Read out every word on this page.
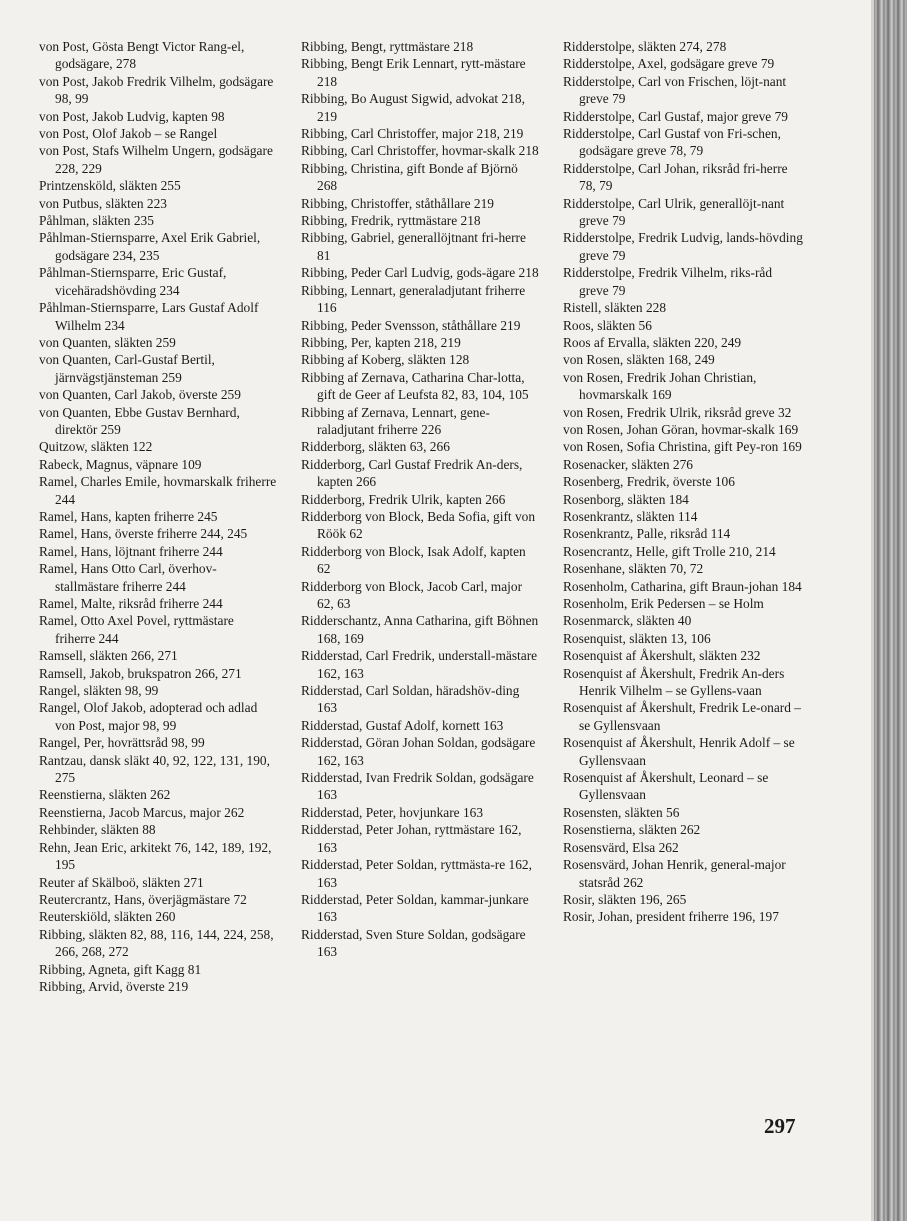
von Post, Gösta Bengt Victor Rang-el, godsägare, 278

von Post, Jakob Fredrik Vilhelm, godsägare 98, 99

von Post, Jakob Ludvig, kapten 98

von Post, Olof Jakob – se Rangel

von Post, Stafs Wilhelm Ungern, godsägare 228, 229

Printzensköld, släkten 255

von Putbus, släkten 223

Påhlman, släkten 235

Påhlman-Stiernsparre, Axel Erik Gabriel, godsägare 234, 235

Påhlman-Stiernsparre, Eric Gustaf, vicehäradshövding 234

Påhlman-Stiernsparre, Lars Gustaf Adolf Wilhelm 234

von Quanten, släkten 259

von Quanten, Carl-Gustaf Bertil, järnvägstjänsteman 259

von Quanten, Carl Jakob, överste 259

von Quanten, Ebbe Gustav Bernhard, direktör 259

Quitzow, släkten 122

Rabeck, Magnus, väpnare 109

Ramel, Charles Emile, hovmarskalk friherre 244

Ramel, Hans, kapten friherre 245

Ramel, Hans, överste friherre 244, 245

Ramel, Hans, löjtnant friherre 244

Ramel, Hans Otto Carl, överhov-stallmästare friherre 244

Ramel, Malte, riksråd friherre 244

Ramel, Otto Axel Povel, ryttmästare friherre 244

Ramsell, släkten 266, 271

Ramsell, Jakob, brukspatron 266, 271

Rangel, släkten 98, 99

Rangel, Olof Jakob, adopterad och adlad von Post, major 98, 99

Rangel, Per, hovrättsråd 98, 99

Rantzau, dansk släkt 40, 92, 122, 131, 190, 275

Reenstierna, släkten 262

Reenstierna, Jacob Marcus, major 262

Rehbinder, släkten 88

Rehn, Jean Eric, arkitekt 76, 142, 189, 192, 195

Reuter af Skälboö, släkten 271

Reutercrantz, Hans, överjägmästare 72

Reuterskiöld, släkten 260

Ribbing, släkten 82, 88, 116, 144, 224, 258, 266, 268, 272

Ribbing, Agneta, gift Kagg 81

Ribbing, Arvid, överste 219

Ribbing, Bengt, ryttmästare 218

Ribbing, Bengt Erik Lennart, rytt-mästare 218

Ribbing, Bo August Sigwid, advokat 218, 219

Ribbing, Carl Christoffer, major 218, 219

Ribbing, Carl Christoffer, hovmar-skalk 218

Ribbing, Christina, gift Bonde af Björnö 268

Ribbing, Christoffer, ståthållare 219

Ribbing, Fredrik, ryttmästare 218

Ribbing, Gabriel, generallöjtnant fri-herre 81

Ribbing, Peder Carl Ludvig, gods-ägare 218

Ribbing, Lennart, generaladjutant friherre 116

Ribbing, Peder Svensson, ståthållare 219

Ribbing, Per, kapten 218, 219

Ribbing af Koberg, släkten 128

Ribbing af Zernava, Catharina Char-lotta, gift de Geer af Leufsta 82, 83, 104, 105

Ribbing af Zernava, Lennart, gene-raladjutant friherre 226

Ridderborg, släkten 63, 266

Ridderborg, Carl Gustaf Fredrik An-ders, kapten 266

Ridderborg, Fredrik Ulrik, kapten 266

Ridderborg von Block, Beda Sofia, gift von Röök 62

Ridderborg von Block, Isak Adolf, kapten 62

Ridderborg von Block, Jacob Carl, major 62, 63

Ridderschantz, Anna Catharina, gift Böhnen 168, 169

Ridderstad, Carl Fredrik, understall-mästare 162, 163

Ridderstad, Carl Soldan, häradshöv-ding 163

Ridderstad, Gustaf Adolf, kornett 163

Ridderstad, Göran Johan Soldan, godsägare 162, 163

Ridderstad, Ivan Fredrik Soldan, godsägare 163

Ridderstad, Peter, hovjunkare 163

Ridderstad, Peter Johan, ryttmästare 162, 163

Ridderstad, Peter Soldan, ryttmästa-re 162, 163

Ridderstad, Peter Soldan, kammar-junkare 163

Ridderstad, Sven Sture Soldan, godsägare 163

Ridderstolpe, släkten 274, 278

Ridderstolpe, Axel, godsägare greve 79

Ridderstolpe, Carl von Frischen, löjt-nant greve 79

Ridderstolpe, Carl Gustaf, major greve 79

Ridderstolpe, Carl Gustaf von Fri-schen, godsägare greve 78, 79

Ridderstolpe, Carl Johan, riksråd fri-herre 78, 79

Ridderstolpe, Carl Ulrik, generallöjt-nant greve 79

Ridderstolpe, Fredrik Ludvig, lands-hövding greve 79

Ridderstolpe, Fredrik Vilhelm, riks-råd greve 79

Ristell, släkten 228

Roos, släkten 56

Roos af Ervalla, släkten 220, 249

von Rosen, släkten 168, 249

von Rosen, Fredrik Johan Christian, hovmarskalk 169

von Rosen, Fredrik Ulrik, riksråd greve 32

von Rosen, Johan Göran, hovmar-skalk 169

von Rosen, Sofia Christina, gift Pey-ron 169

Rosenacker, släkten 276

Rosenberg, Fredrik, överste 106

Rosenborg, släkten 184

Rosenkrantz, släkten 114

Rosenkrantz, Palle, riksråd 114

Rosencrantz, Helle, gift Trolle 210, 214

Rosenhane, släkten 70, 72

Rosenholm, Catharina, gift Braun-johan 184

Rosenholm, Erik Pedersen – se Holm

Rosenmarck, släkten 40

Rosenquist, släkten 13, 106

Rosenquist af Åkershult, släkten 232

Rosenquist af Åkershult, Fredrik An-ders Henrik Vilhelm – se Gyllens-vaan

Rosenquist af Åkershult, Fredrik Le-onard – se Gyllensvaan

Rosenquist af Åkershult, Henrik Adolf – se Gyllensvaan

Rosenquist af Åkershult, Leonard – se Gyllensvaan

Rosensten, släkten 56

Rosenstierna, släkten 262

Rosensvärd, Elsa 262

Rosensvärd, Johan Henrik, general-major statsråd 262

Rosir, släkten 196, 265

Rosir, Johan, president friherre 196, 197

297
